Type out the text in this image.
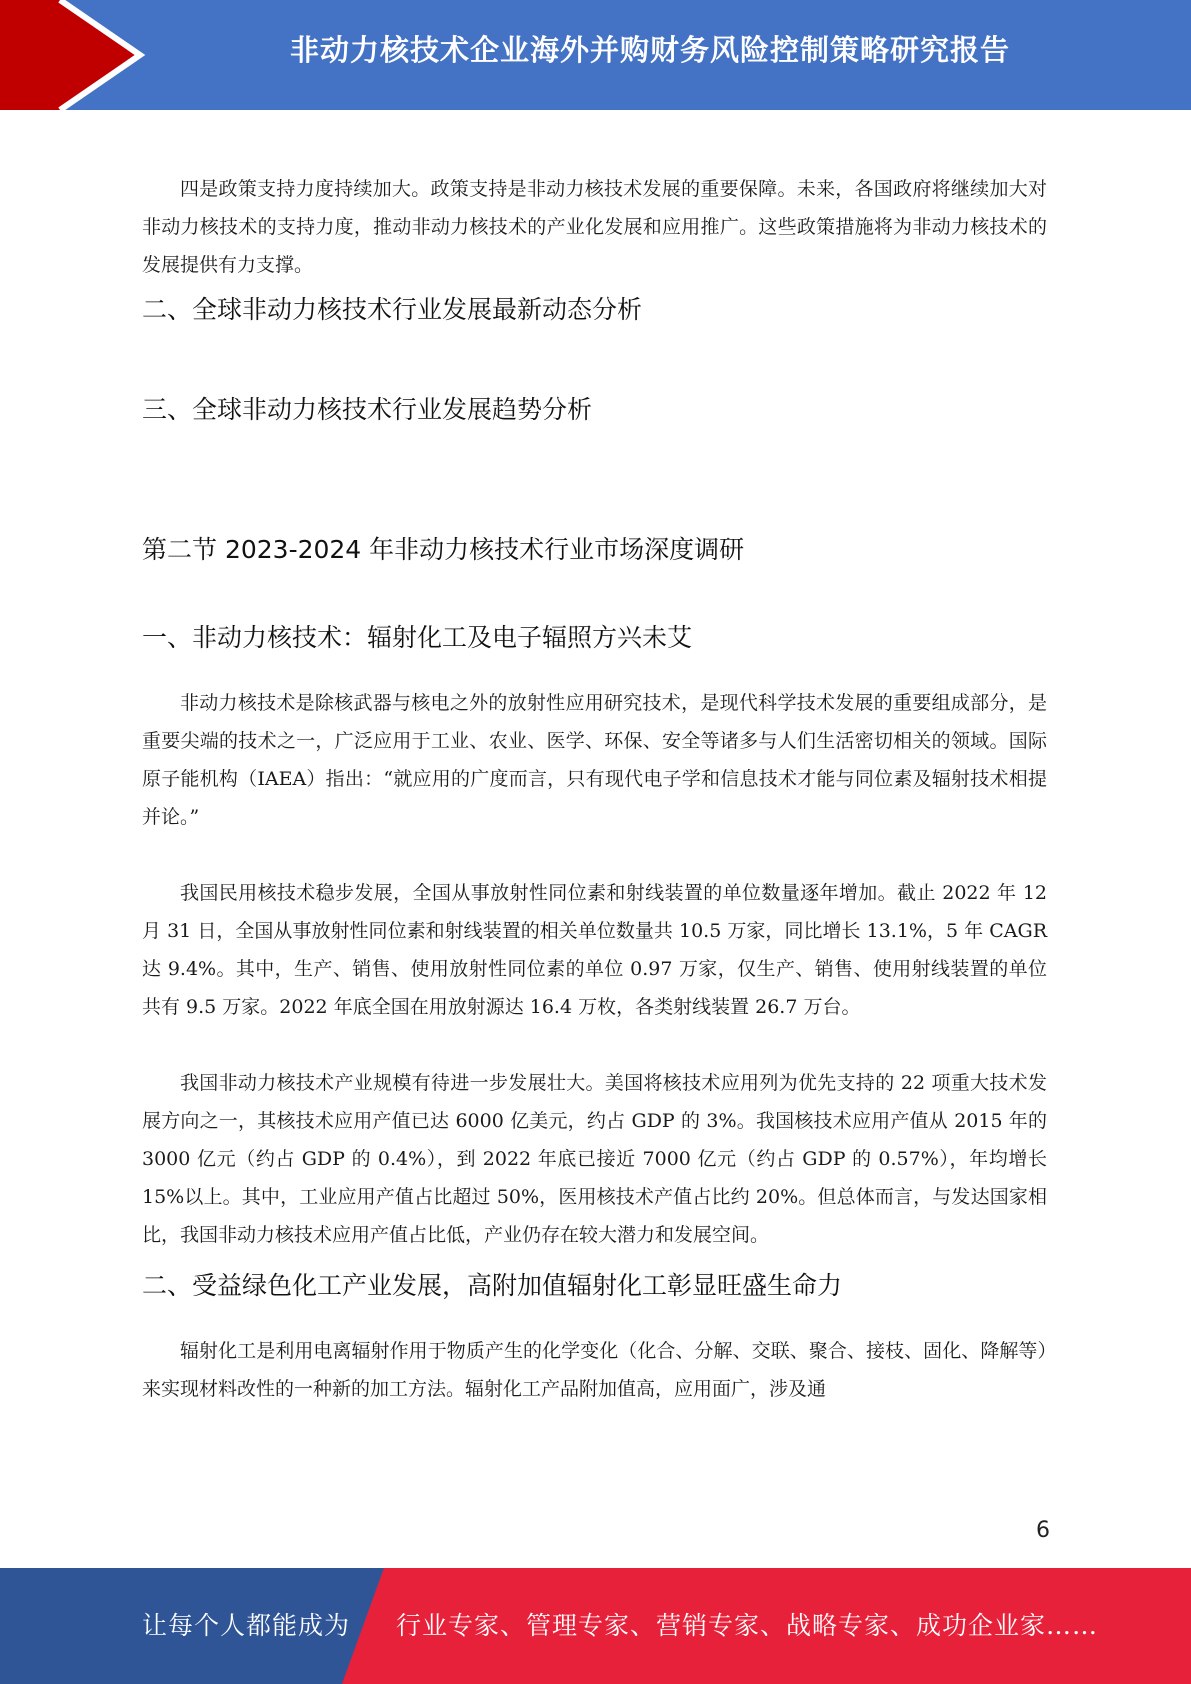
非动力核技术企业海外并购财务风险控制策略研究报告

四是政策支持力度持续加大。政策支持是非动力核技术发展的重要保障。未来，各国政府将继续加大对非动力核技术的支持力度，推动非动力核技术的产业化发展和应用推广。这些政策措施将为非动力核技术的发展提供有力支撑。

二、全球非动力核技术行业发展最新动态分析
三、全球非动力核技术行业发展趋势分析
第二节 2023-2024 年非动力核技术行业市场深度调研
一、非动力核技术：辐射化工及电子辐照方兴未艾

非动力核技术是除核武器与核电之外的放射性应用研究技术，是现代科学技术发展的重要组成部分，是重要尖端的技术之一，广泛应用于工业、农业、医学、环保、安全等诸多与人们生活密切相关的领域。国际原子能机构（IAEA）指出：“就应用的广度而言，只有现代电子学和信息技术才能与同位素及辐射技术相提并论。”

我国民用核技术稳步发展，全国从事放射性同位素和射线装置的单位数量逐年增加。截止 2022 年 12 月 31 日，全国从事放射性同位素和射线装置的相关单位数量共 10.5 万家，同比增长 13.1%，5 年 CAGR 达 9.4%。其中，生产、销售、使用放射性同位素的单位 0.97 万家，仅生产、销售、使用射线装置的单位共有 9.5 万家。2022 年底全国在用放射源达 16.4 万枚，各类射线装置 26.7 万台。

我国非动力核技术产业规模有待进一步发展壮大。美国将核技术应用列为优先支持的 22 项重大技术发展方向之一，其核技术应用产值已达 6000 亿美元，约占 GDP 的 3%。我国核技术应用产值从 2015 年的 3000 亿元（约占 GDP 的 0.4%），到 2022 年底已接近 7000 亿元（约占 GDP 的 0.57%），年均增长 15%以上。其中，工业应用产值占比超过 50%，医用核技术产值占比约 20%。但总体而言，与发达国家相比，我国非动力核技术应用产值占比低，产业仍存在较大潜力和发展空间。

二、受益绿色化工产业发展，高附加值辐射化工彰显旺盛生命力

辐射化工是利用电离辐射作用于物质产生的化学变化（化合、分解、交联、聚合、接枝、固化、降解等）来实现材料改性的一种新的加工方法。辐射化工产品附加值高，应用面广，涉及通

6
让每个人都能成为 行业专家、管理专家、营销专家、战略专家、成功企业家……
